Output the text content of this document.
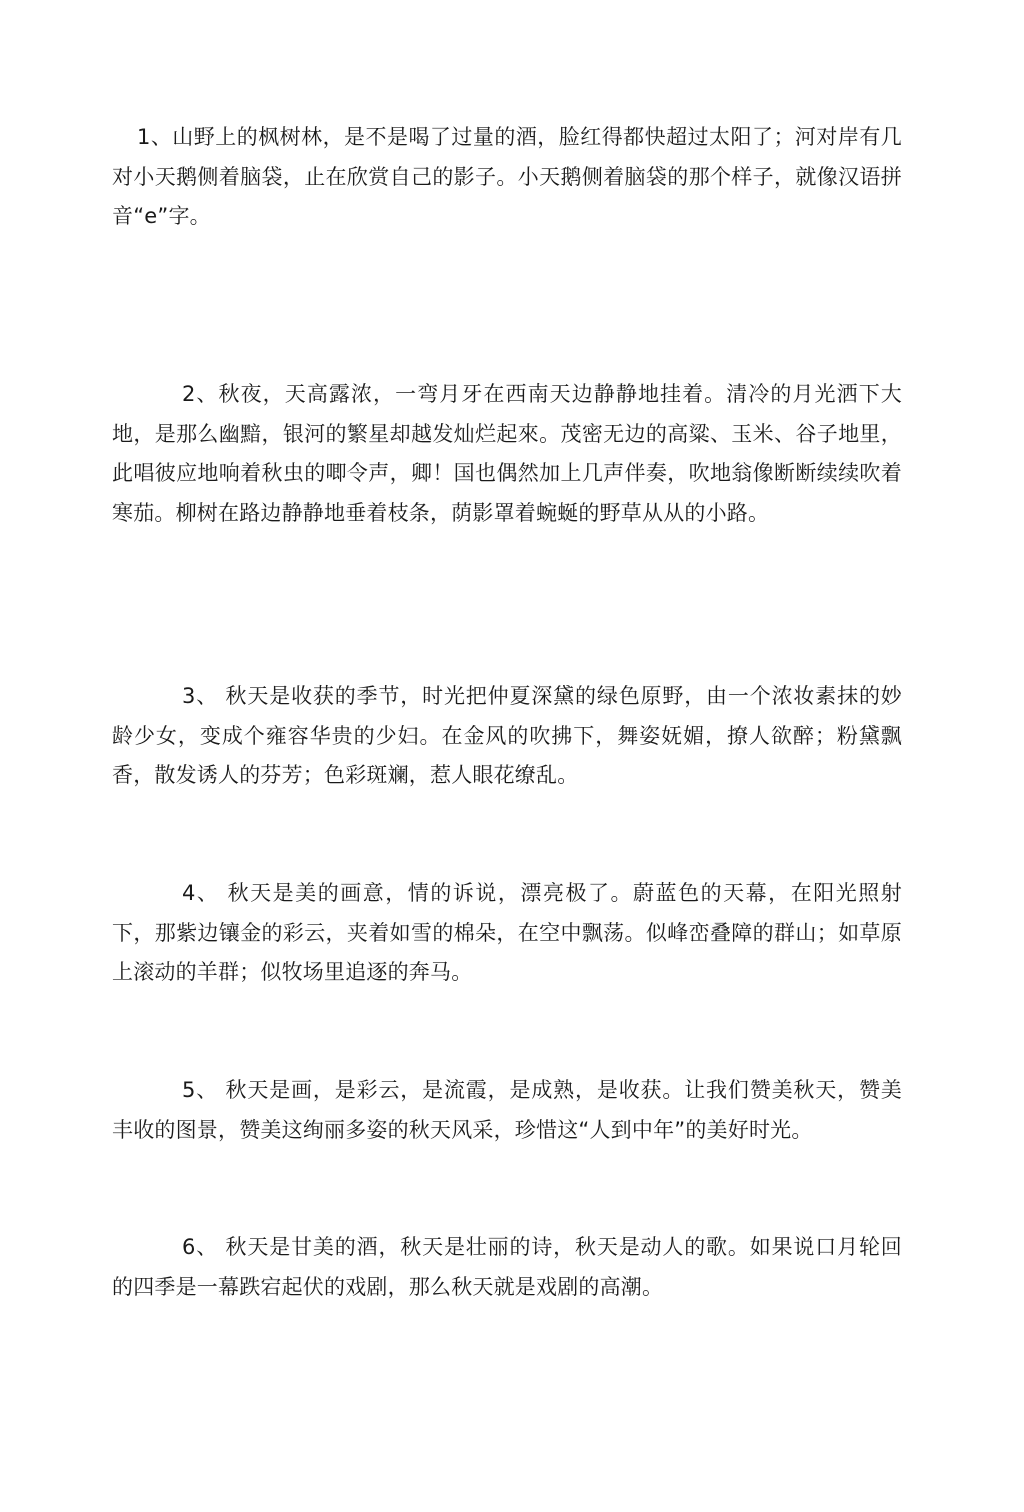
1、山野上的枫树林，是不是喝了过量的酒，脸红得都快超过太阳了；河对岸有几对小天鹅侧着脑袋，止在欣赏自己的影子。小天鹅侧着脑袋的那个样子，就像汉语拼音“e”字。

2、秋夜，天高露浓，一弯月牙在西南天边静静地挂着。清冷的月光洒下大地，是那么幽黯，银河的繁星却越发灿烂起來。茂密无边的高粱、玉米、谷子地里，此唱彼应地响着秋虫的唧令声，卿！国也偶然加上几声伴奏，吹地翁像断断续续吹着寒茄。柳树在路边静静地垂着枝条，荫影罩着蜿蜒的野草从从的小路。

3、 秋天是收获的季节，时光把仲夏深黛的绿色原野，由一个浓妆素抹的妙龄少女，变成个雍容华贵的少妇。在金风的吹拂下，舞姿妩媚，撩人欲醉；粉黛飘香，散发诱人的芬芳；色彩斑斓，惹人眼花缭乱。

4、 秋天是美的画意，情的诉说，漂亮极了。蔚蓝色的天幕，在阳光照射下，那紫边镶金的彩云，夹着如雪的棉朵，在空中飘荡。似峰峦叠障的群山；如草原上滚动的羊群；似牧场里追逐的奔马。

5、 秋天是画，是彩云，是流霞，是成熟，是收获。让我们赞美秋天，赞美丰收的图景，赞美这绚丽多姿的秋天风采，珍惜这“人到中年”的美好时光。

6、 秋天是甘美的酒，秋天是壮丽的诗，秋天是动人的歌。如果说口月轮回的四季是一幕跌宕起伏的戏剧，那么秋天就是戏剧的高潮。
